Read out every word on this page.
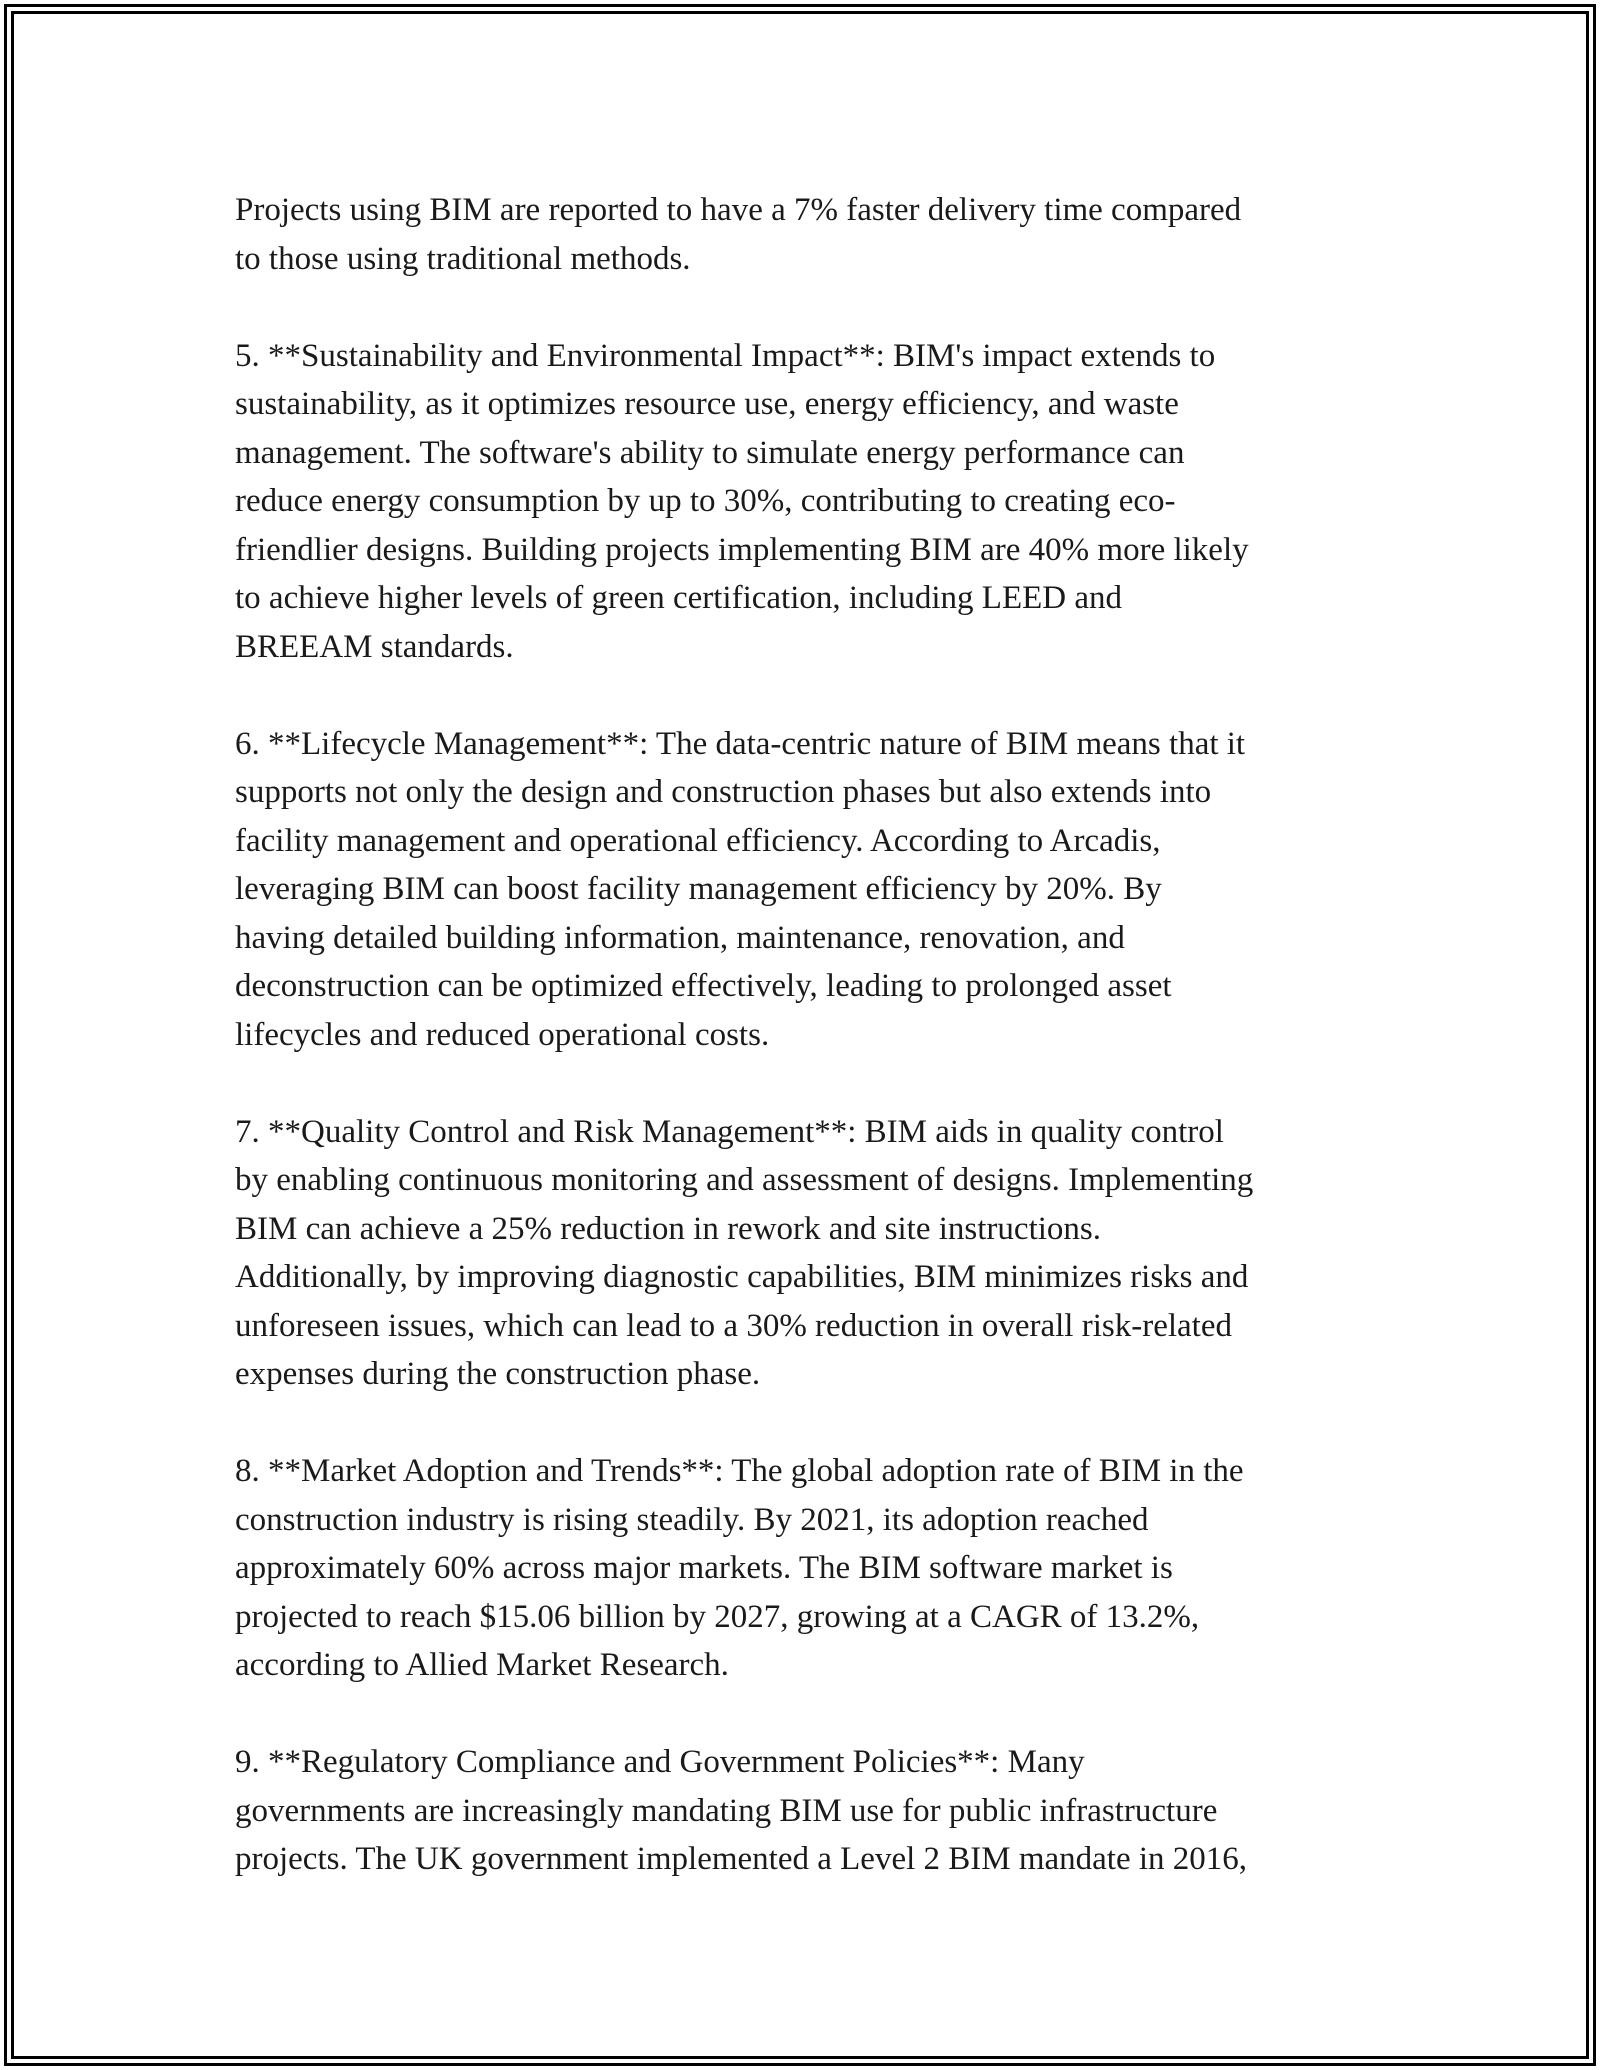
Projects using BIM are reported to have a 7% faster delivery time compared
to those using traditional methods.

5. **Sustainability and Environmental Impact**: BIM's impact extends to
sustainability, as it optimizes resource use, energy efficiency, and waste
management. The software's ability to simulate energy performance can
reduce energy consumption by up to 30%, contributing to creating eco-
friendlier designs. Building projects implementing BIM are 40% more likely
to achieve higher levels of green certification, including LEED and
BREEAM standards.

6. **Lifecycle Management**: The data-centric nature of BIM means that it
supports not only the design and construction phases but also extends into
facility management and operational efficiency. According to Arcadis,
leveraging BIM can boost facility management efficiency by 20%. By
having detailed building information, maintenance, renovation, and
deconstruction can be optimized effectively, leading to prolonged asset
lifecycles and reduced operational costs.

7. **Quality Control and Risk Management**: BIM aids in quality control
by enabling continuous monitoring and assessment of designs. Implementing
BIM can achieve a 25% reduction in rework and site instructions.
Additionally, by improving diagnostic capabilities, BIM minimizes risks and
unforeseen issues, which can lead to a 30% reduction in overall risk-related
expenses during the construction phase.

8. **Market Adoption and Trends**: The global adoption rate of BIM in the
construction industry is rising steadily. By 2021, its adoption reached
approximately 60% across major markets. The BIM software market is
projected to reach $15.06 billion by 2027, growing at a CAGR of 13.2%,
according to Allied Market Research.

9. **Regulatory Compliance and Government Policies**: Many
governments are increasingly mandating BIM use for public infrastructure
projects. The UK government implemented a Level 2 BIM mandate in 2016,
